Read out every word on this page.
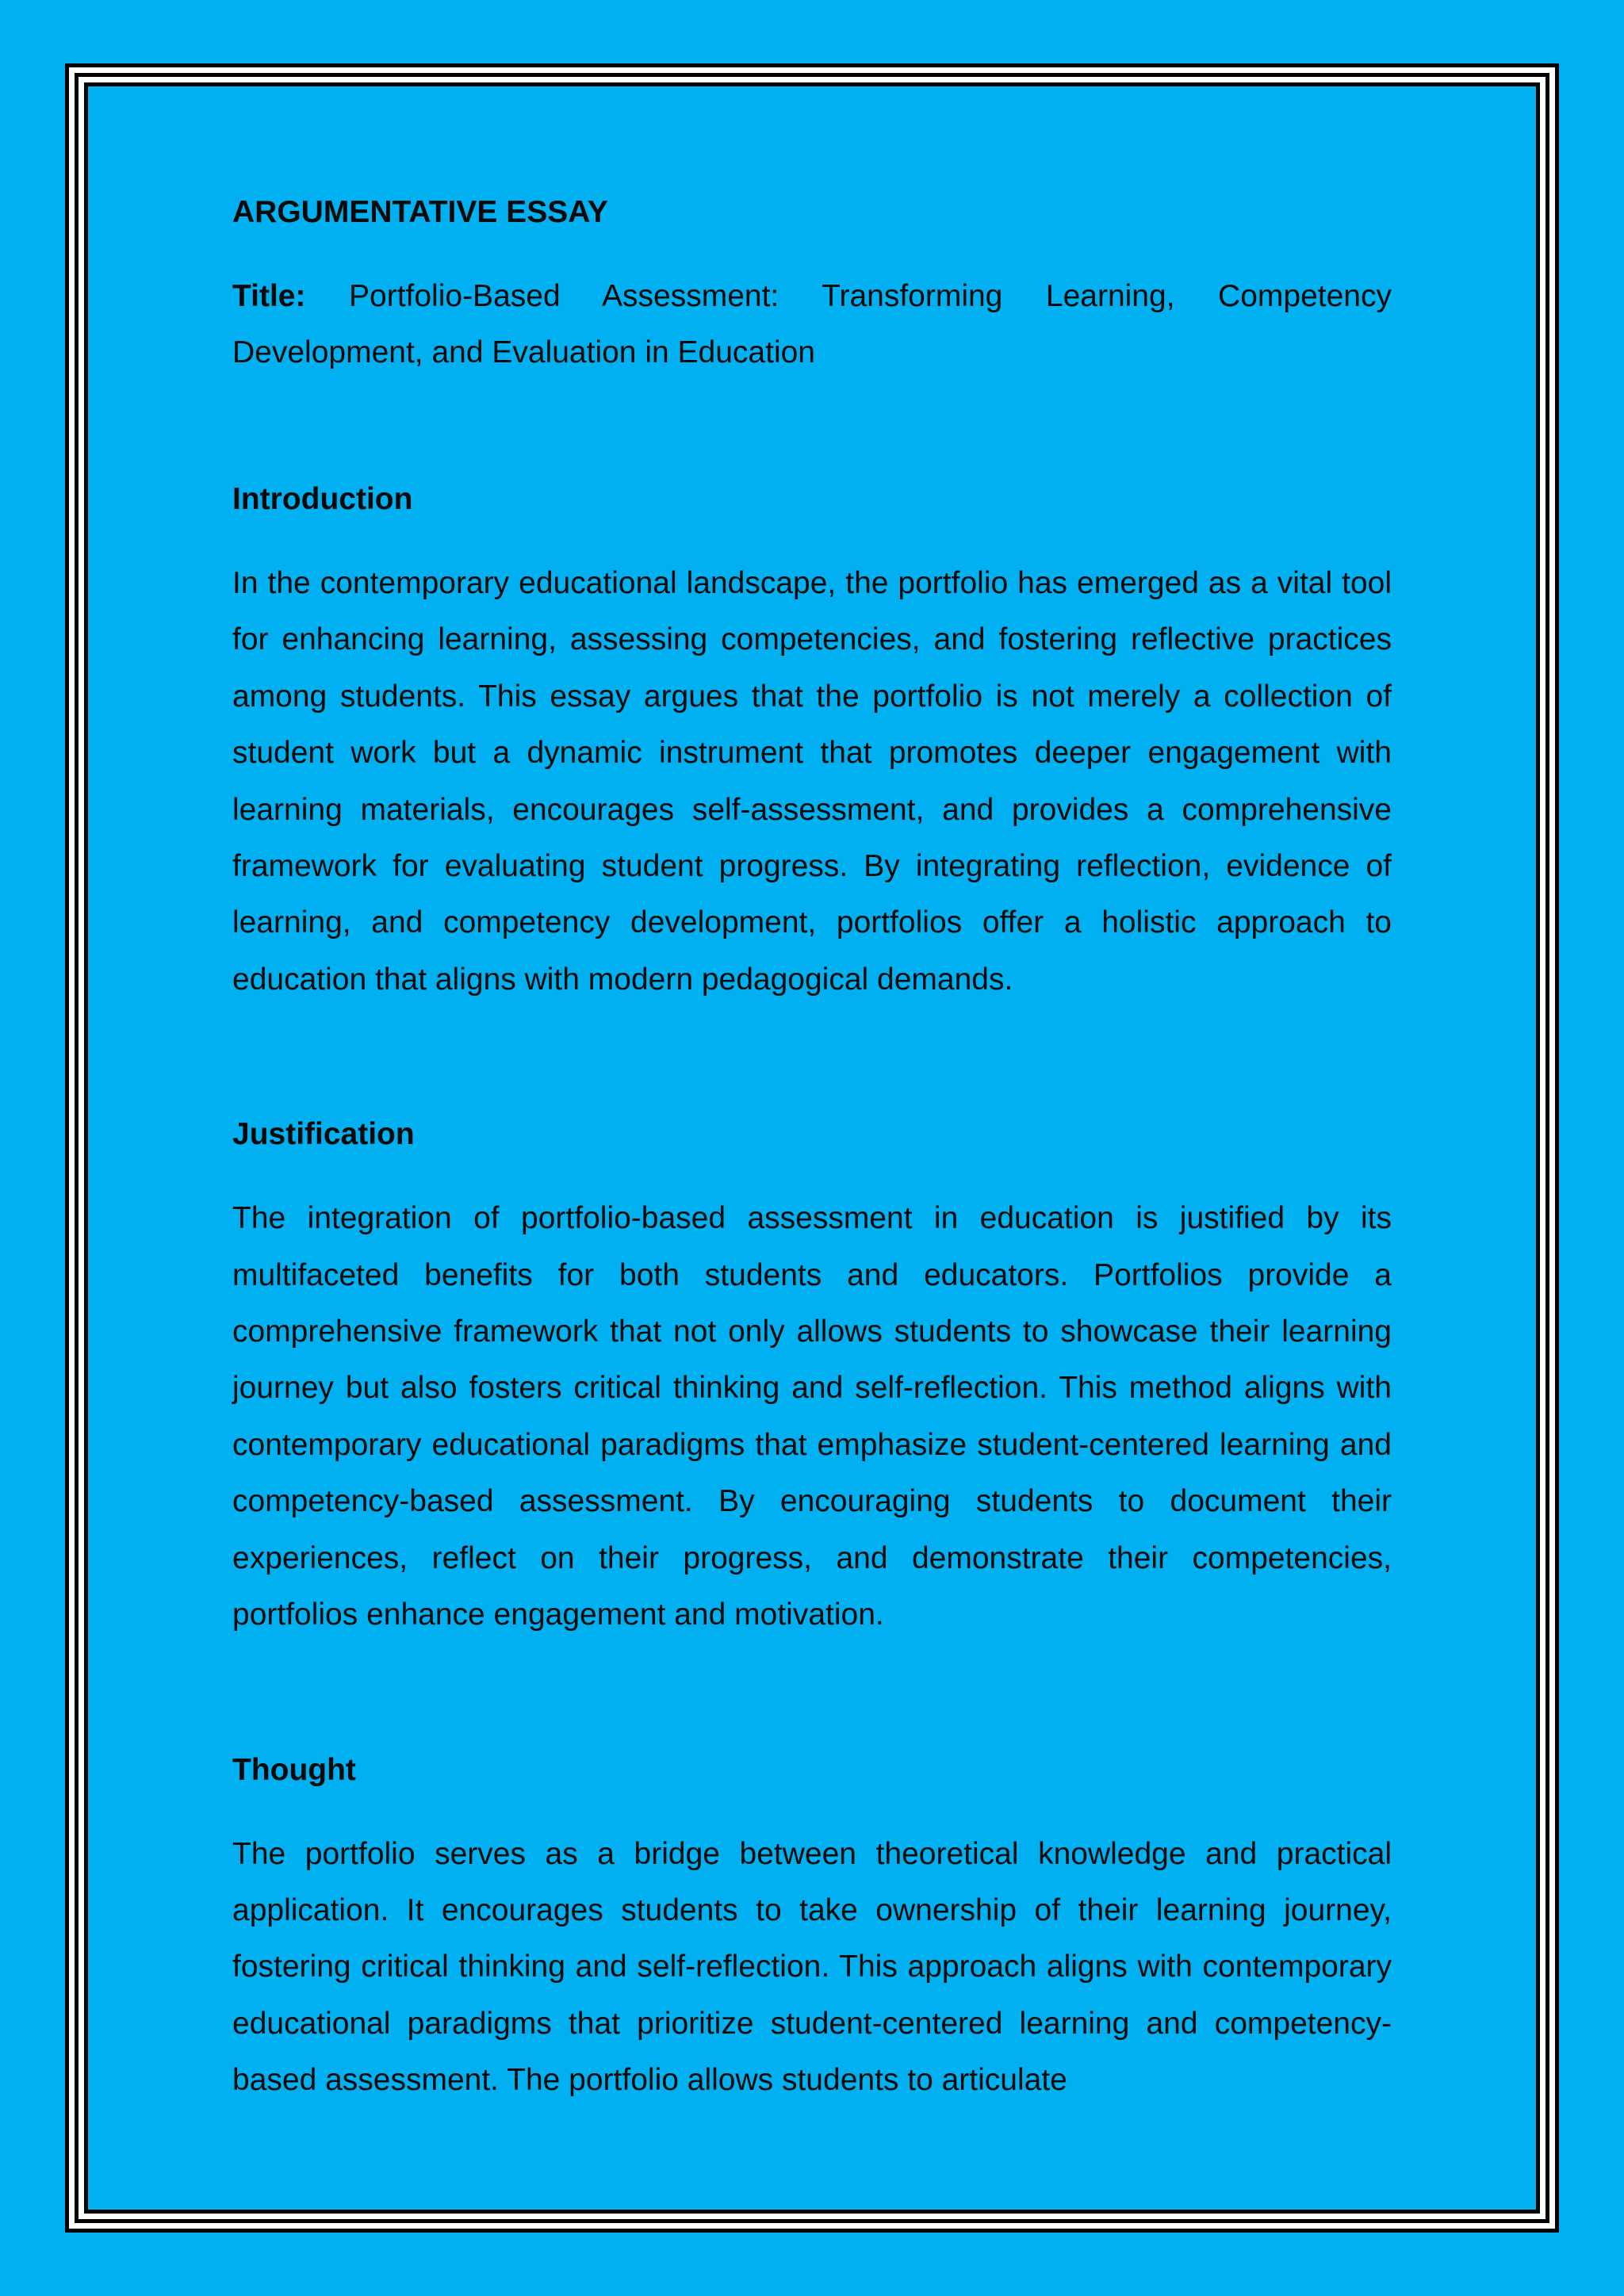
ARGUMENTATIVE ESSAY

Title: Portfolio-Based Assessment: Transforming Learning, Competency Development, and Evaluation in Education

Introduction

In the contemporary educational landscape, the portfolio has emerged as a vital tool for enhancing learning, assessing competencies, and fostering reflective practices among students. This essay argues that the portfolio is not merely a collection of student work but a dynamic instrument that promotes deeper engagement with learning materials, encourages self-assessment, and provides a comprehensive framework for evaluating student progress. By integrating reflection, evidence of learning, and competency development, portfolios offer a holistic approach to education that aligns with modern pedagogical demands.

Justification

The integration of portfolio-based assessment in education is justified by its multifaceted benefits for both students and educators. Portfolios provide a comprehensive framework that not only allows students to showcase their learning journey but also fosters critical thinking and self-reflection. This method aligns with contemporary educational paradigms that emphasize student-centered learning and competency-based assessment. By encouraging students to document their experiences, reflect on their progress, and demonstrate their competencies, portfolios enhance engagement and motivation.

Thought

The portfolio serves as a bridge between theoretical knowledge and practical application. It encourages students to take ownership of their learning journey, fostering critical thinking and self-reflection. This approach aligns with contemporary educational paradigms that prioritize student-centered learning and competency-based assessment. The portfolio allows students to articulate
